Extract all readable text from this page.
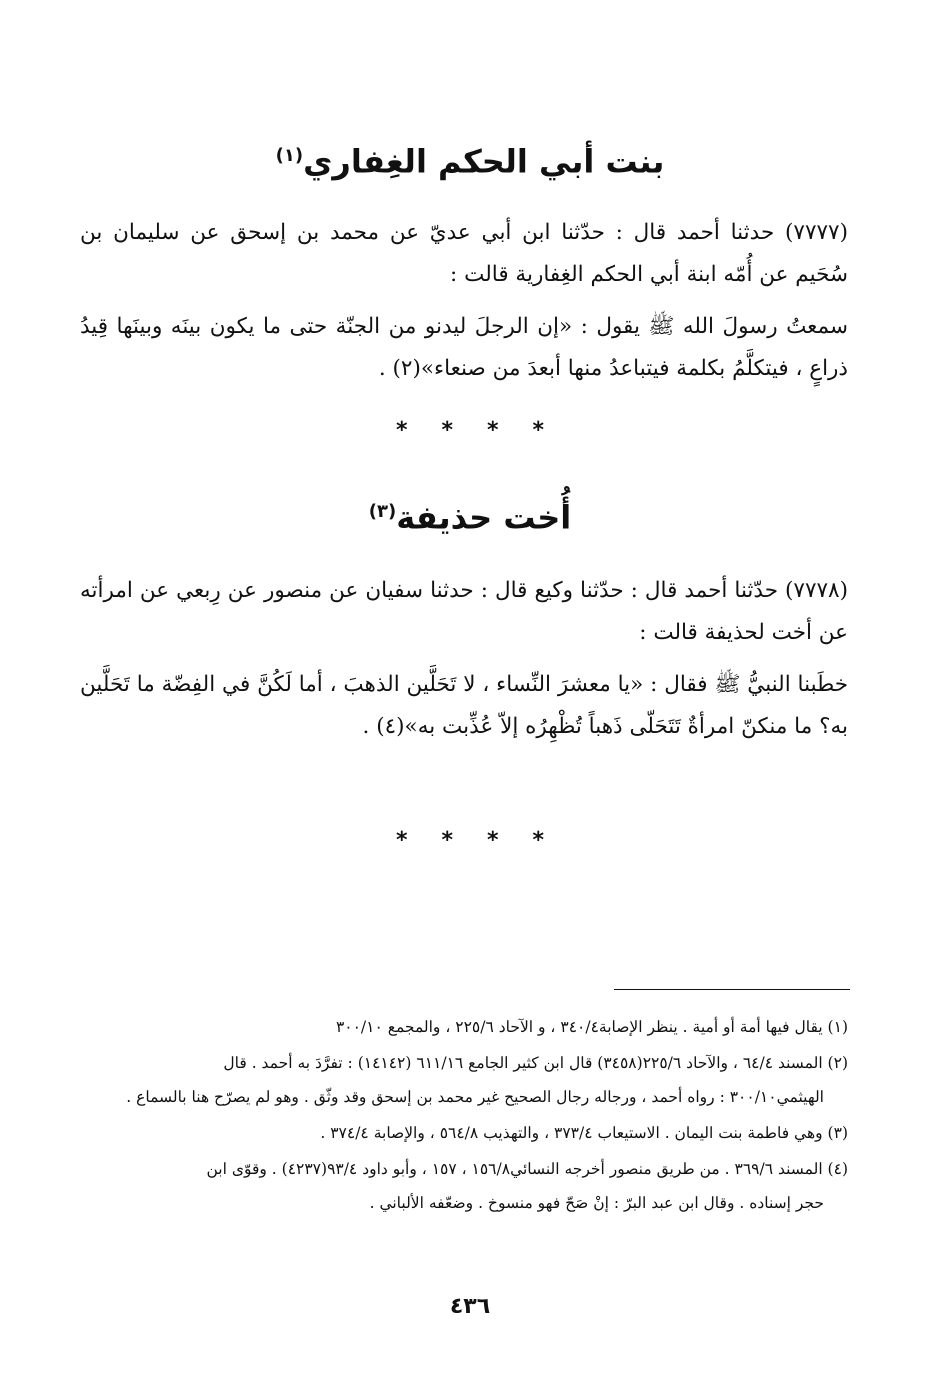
بنت أبي الحكم الغِفاري$^{(١)}$

(٧٧٧٧) حدثنا أحمد قال : حدّثنا ابن أبي عديّ عن محمد بن إسحق عن سليمان بن سُحَيم عن أُمّه ابنة أبي الحكم الغِفارية قالت :

سمعتُ رسولَ الله ﷺ يقول : «إن الرجلَ ليدنو من الجنّة حتى ما يكون بينَه وبينَها قِيدُ ذراعٍ ، فيتكلَّمُ بكلمة فيتباعدُ منها أبعدَ من صنعاء»(٢) .

****
أُخت حذيفة$^{(٣)}$

(٧٧٧٨) حدّثنا أحمد قال : حدّثنا وكيع قال : حدثنا سفيان عن منصور عن رِبعي عن امرأته عن أخت لحذيفة قالت :

خطَبنا النبيُّ ﷺ فقال : «يا معشرَ النِّساء ، لا تَحَلَّين الذهبَ ، أما لَكُنَّ في الفِضّة ما تَحَلَّين به؟ ما منكنّ امرأةٌ تَتَحَلّى ذَهباً تُظْهِرُه إلاّ عُذِّبت به»(٤) .

****

(١) يقال فيها أمة أو أمية . ينظر الإصابة٣٤٠/٤ ، و الآحاد ٢٢٥/٦ ، والمجمع ٣٠٠/١٠

(٢) المسند ٦٤/٤ ، والآحاد ٢٢٥/٦(٣٤٥٨) قال ابن كثير الجامع ٦١١/١٦ (١٤١٤٢) : تفرَّدَ به أحمد . قال
الهيثمي٣٠٠/١٠ : رواه أحمد ، ورجاله رجال الصحيح غير محمد بن إسحق وقد وثّق . وهو لم يصرّح هنا بالسماع .

(٣) وهي فاطمة بنت اليمان . الاستيعاب ٣٧٣/٤ ، والتهذيب ٥٦٤/٨ ، والإصابة ٣٧٤/٤ .

(٤) المسند ٣٦٩/٦ . من طريق منصور أخرجه النسائي١٥٦/٨ ، ١٥٧ ، وأبو داود ٩٣/٤(٤٢٣٧) . وقوّى ابن
حجر إسناده . وقال ابن عبد البرّ : إنْ صَحّ فهو منسوخ . وضعّفه الألباني .

٤٣٦
